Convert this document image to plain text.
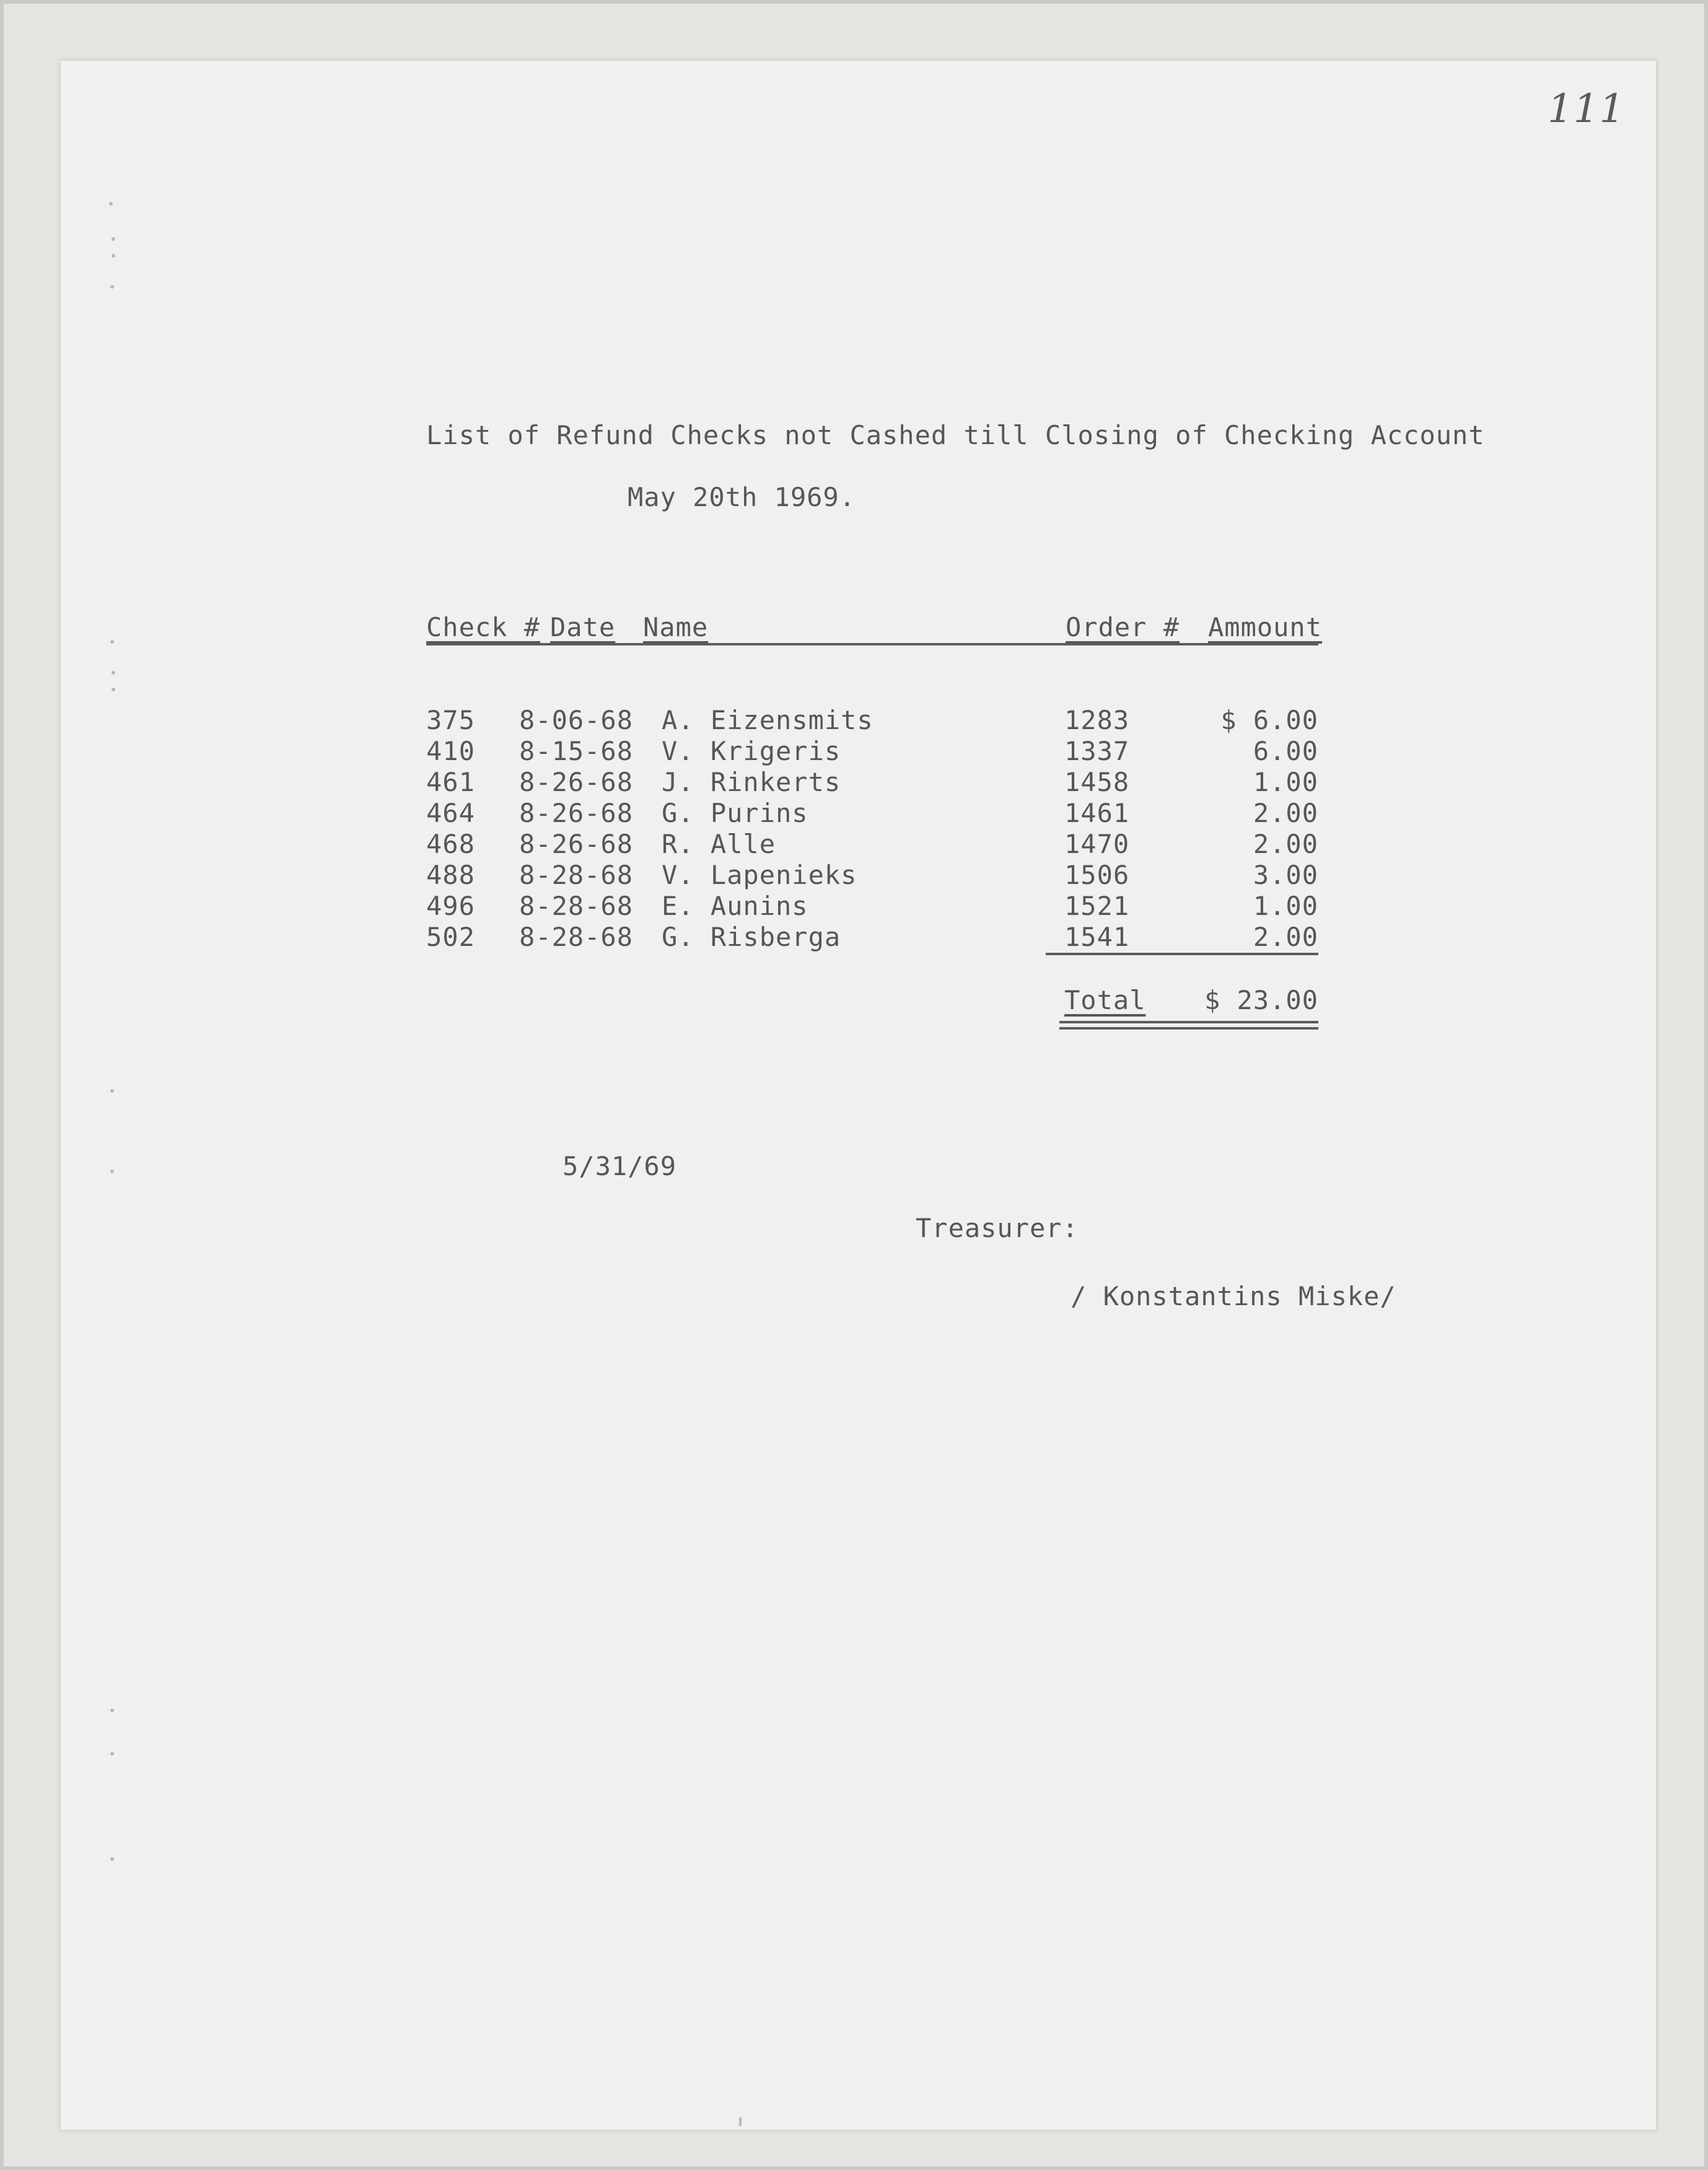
111
List of Refund Checks not Cashed till Closing of Checking Account
May 20th 1969.
Check # Date Name	Order # Ammount
375 8-06-68 A. Eizensmits	1283	$ 6.00
410 8-15-68 V. Krigeris	1337	6.00
461 8-26-68 J. Rinkerts	1458	1.00
464 8-26-68 G. Purins	1461	2.00
468 8-26-68 R. Alle	1470	2.00
488 8-28-68 V. Lapenieks	1506	3.00
496 8-28-68 E. Aunins	1521	1.00
502 8-28-68 G. Risberga	1541	2.00
Total	$ 23.00
5/31/69
Treasurer:
/ Konstantins Miske/
